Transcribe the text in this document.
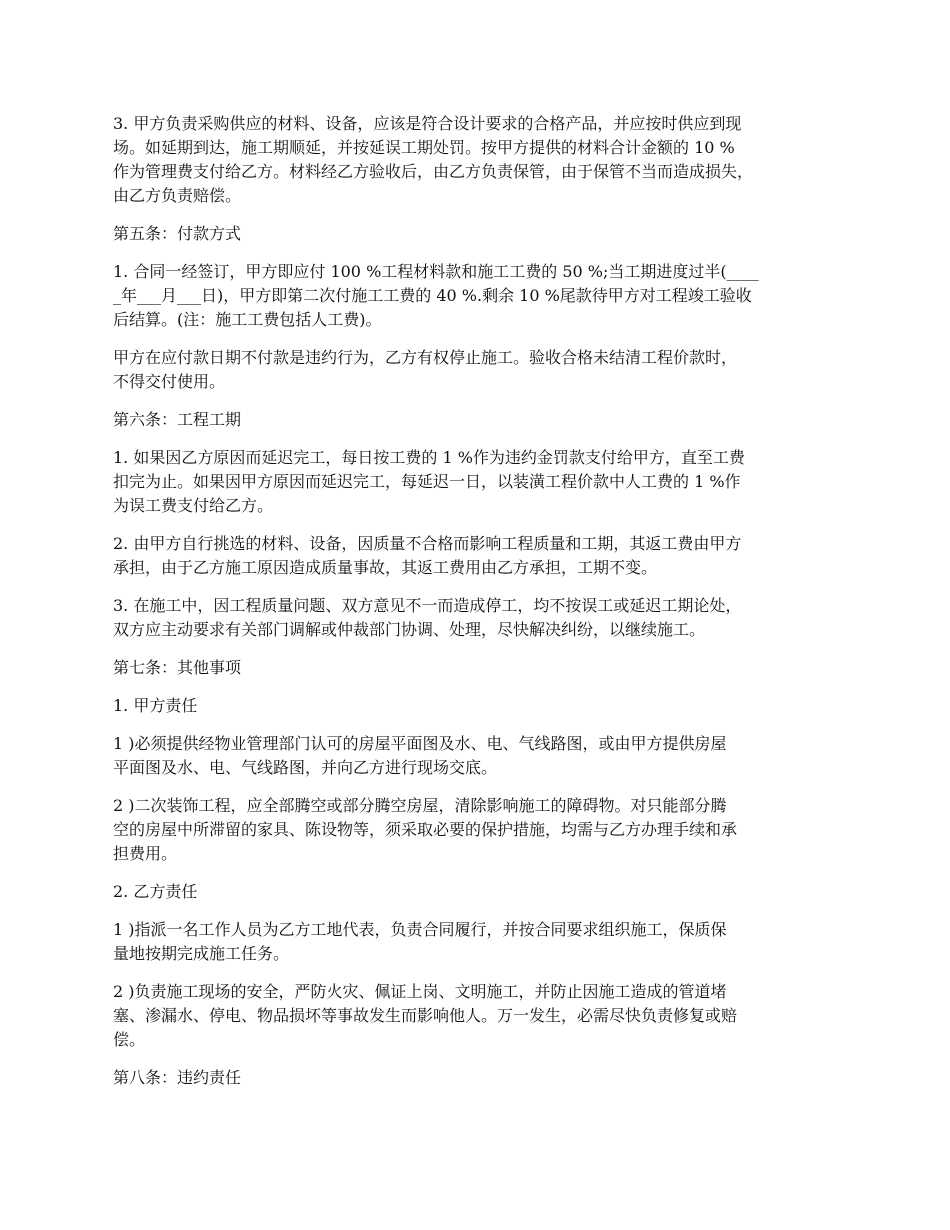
3. 甲方负责采购供应的材料、设备，应该是符合设计要求的合格产品，并应按时供应到现
场。如延期到达，施工期顺延，并按延误工期处罚。按甲方提供的材料合计金额的 10 %
作为管理费支付给乙方。材料经乙方验收后，由乙方负责保管，由于保管不当而造成损失，
由乙方负责赔偿。

第五条：付款方式

1. 合同一经签订，甲方即应付 100 %工程材料款和施工工费的 50 %;当工期进度过半(____
_年___月___日)，甲方即第二次付施工工费的 40 %.剩余 10 %尾款待甲方对工程竣工验收
后结算。(注：施工工费包括人工费)。

甲方在应付款日期不付款是违约行为，乙方有权停止施工。验收合格未结清工程价款时，
不得交付使用。

第六条：工程工期

1. 如果因乙方原因而延迟完工，每日按工费的 1 %作为违约金罚款支付给甲方，直至工费
扣完为止。如果因甲方原因而延迟完工，每延迟一日，以装潢工程价款中人工费的 1 %作
为误工费支付给乙方。

2. 由甲方自行挑选的材料、设备，因质量不合格而影响工程质量和工期，其返工费由甲方
承担，由于乙方施工原因造成质量事故，其返工费用由乙方承担，工期不变。

3. 在施工中，因工程质量问题、双方意见不一而造成停工，均不按误工或延迟工期论处，
双方应主动要求有关部门调解或仲裁部门协调、处理，尽快解决纠纷，以继续施工。

第七条：其他事项

1. 甲方责任

1 )必须提供经物业管理部门认可的房屋平面图及水、电、气线路图，或由甲方提供房屋
平面图及水、电、气线路图，并向乙方进行现场交底。

2 )二次装饰工程，应全部腾空或部分腾空房屋，清除影响施工的障碍物。对只能部分腾
空的房屋中所滞留的家具、陈设物等，须采取必要的保护措施，均需与乙方办理手续和承
担费用。

2. 乙方责任

1 )指派一名工作人员为乙方工地代表，负责合同履行，并按合同要求组织施工，保质保
量地按期完成施工任务。

2 )负责施工现场的安全，严防火灾、佩证上岗、文明施工，并防止因施工造成的管道堵
塞、渗漏水、停电、物品损坏等事故发生而影响他人。万一发生，必需尽快负责修复或赔
偿。

第八条：违约责任
